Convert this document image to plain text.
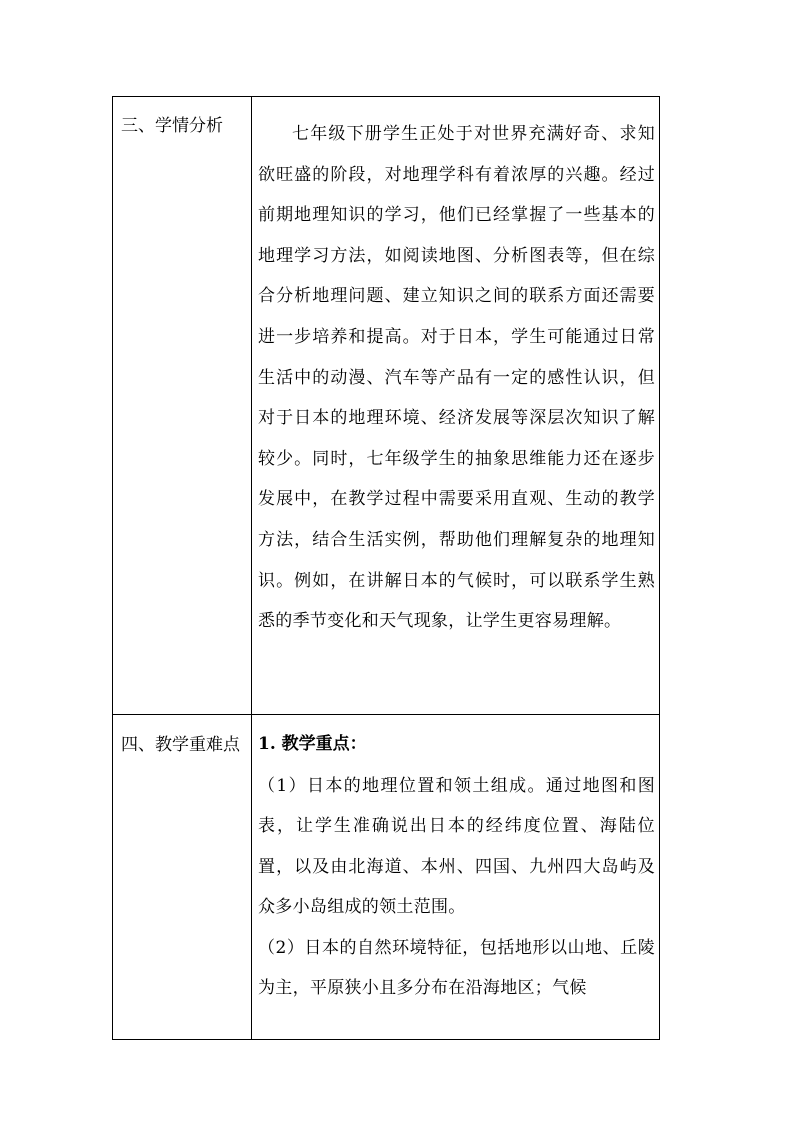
三、学情分析	七年级下册学生正处于对世界充满好奇、求知欲旺盛的阶段，对地理学科有着浓厚的兴趣。经过前期地理知识的学习，他们已经掌握了一些基本的地理学习方法，如阅读地图、分析图表等，但在综合分析地理问题、建立知识之间的联系方面还需要进一步培养和提高。对于日本，学生可能通过日常生活中的动漫、汽车等产品有一定的感性认识，但对于日本的地理环境、经济发展等深层次知识了解较少。同时，七年级学生的抽象思维能力还在逐步发展中，在教学过程中需要采用直观、生动的教学方法，结合生活实例，帮助他们理解复杂的地理知识。例如，在讲解日本的气候时，可以联系学生熟悉的季节变化和天气现象，让学生更容易理解。

四、教学重难点	1. 教学重点：

（1）日本的地理位置和领土组成。通过地图和图表，让学生准确说出日本的经纬度位置、海陆位置，以及由北海道、本州、四国、九州四大岛屿及众多小岛组成的领土范围。

（2）日本的自然环境特征，包括地形以山地、丘陵为主，平原狭小且多分布在沿海地区；气候
